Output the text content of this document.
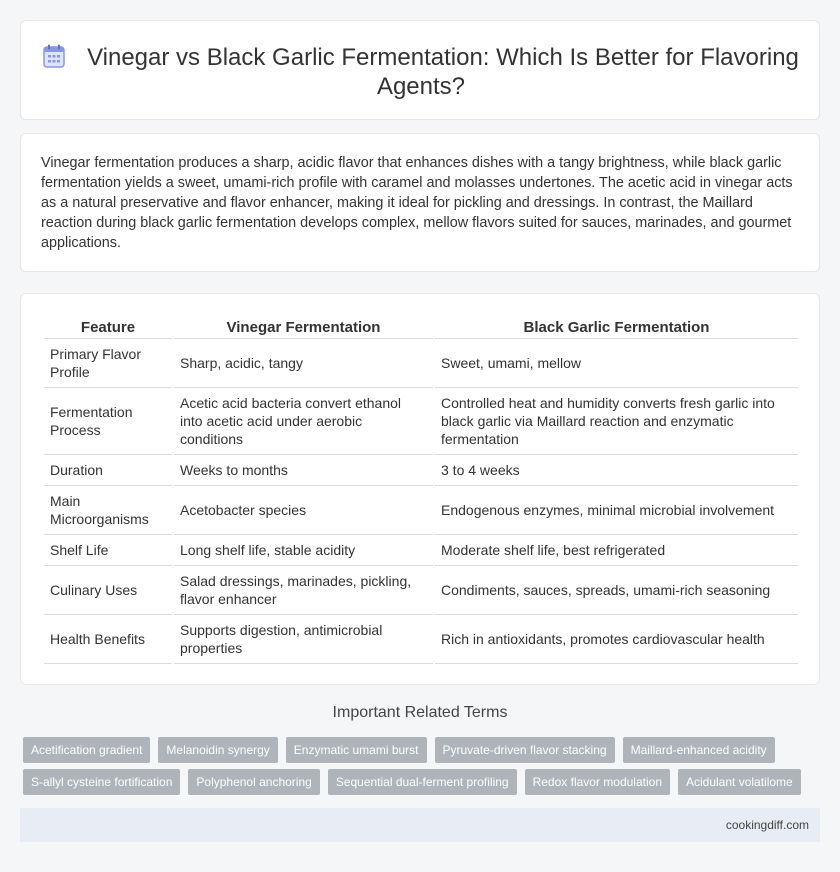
Vinegar vs Black Garlic Fermentation: Which Is Better for Flavoring Agents?

Vinegar fermentation produces a sharp, acidic flavor that enhances dishes with a tangy brightness, while black garlic fermentation yields a sweet, umami-rich profile with caramel and molasses undertones. The acetic acid in vinegar acts as a natural preservative and flavor enhancer, making it ideal for pickling and dressings. In contrast, the Maillard reaction during black garlic fermentation develops complex, mellow flavors suited for sauces, marinades, and gourmet applications.

Feature	Vinegar Fermentation	Black Garlic Fermentation
Primary Flavor Profile	Sharp, acidic, tangy	Sweet, umami, mellow
Fermentation Process	Acetic acid bacteria convert ethanol into acetic acid under aerobic conditions	Controlled heat and humidity converts fresh garlic into black garlic via Maillard reaction and enzymatic fermentation
Duration	Weeks to months	3 to 4 weeks
Main Microorganisms	Acetobacter species	Endogenous enzymes, minimal microbial involvement
Shelf Life	Long shelf life, stable acidity	Moderate shelf life, best refrigerated
Culinary Uses	Salad dressings, marinades, pickling, flavor enhancer	Condiments, sauces, spreads, umami-rich seasoning
Health Benefits	Supports digestion, antimicrobial properties	Rich in antioxidants, promotes cardiovascular health
Important Related Terms
Acetification gradient	Melanoidin synergy	Enzymatic umami burst	Pyruvate-driven flavor stacking	Maillard-enhanced acidity
S-allyl cysteine fortification	Polyphenol anchoring	Sequential dual-ferment profiling	Redox flavor modulation	Acidulant volatilome
cookingdiff.com
